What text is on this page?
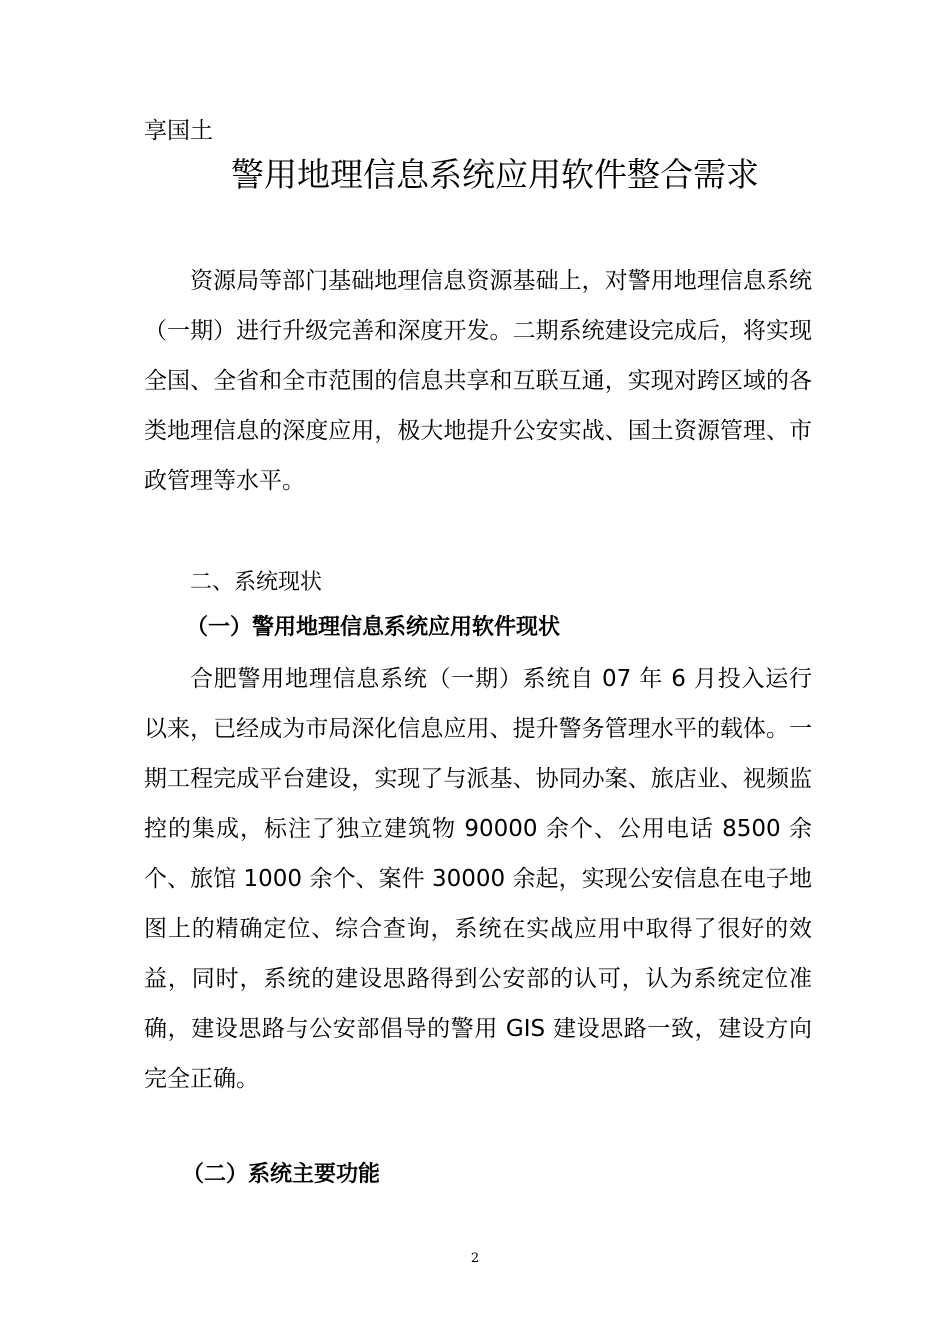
享国土
警用地理信息系统应用软件整合需求

资源局等部门基础地理信息资源基础上，对警用地理信息系统（一期）进行升级完善和深度开发。二期系统建设完成后，将实现全国、全省和全市范围的信息共享和互联互通，实现对跨区域的各类地理信息的深度应用，极大地提升公安实战、国土资源管理、市政管理等水平。

二、系统现状
（一）警用地理信息系统应用软件现状

合肥警用地理信息系统（一期）系统自 07 年 6 月投入运行以来，已经成为市局深化信息应用、提升警务管理水平的载体。一期工程完成平台建设，实现了与派基、协同办案、旅店业、视频监控的集成，标注了独立建筑物 90000 余个、公用电话 8500 余个、旅馆 1000 余个、案件 30000 余起，实现公安信息在电子地图上的精确定位、综合查询，系统在实战应用中取得了很好的效益，同时，系统的建设思路得到公安部的认可，认为系统定位准确，建设思路与公安部倡导的警用 GIS 建设思路一致，建设方向完全正确。

（二）系统主要功能
2
